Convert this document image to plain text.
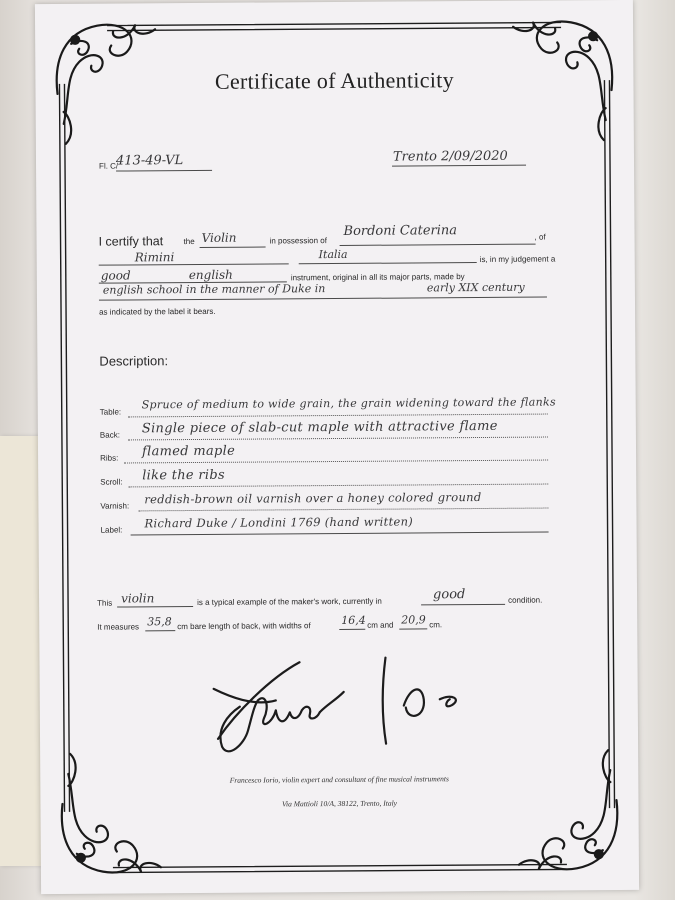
Certificate of Authenticity
Fl. C/
413-49-VL	Trento 2/09/2020
I certify that	the Violin	in possession of
Bordoni Caterina	, of
Rimini	Italia	is, in my judgement a
good	english	instrument, original in all its major parts, made by
english school in the manner of Duke in	early XIX century
as indicated by the label it bears.
Description:
Table:
Spruce of medium to wide grain, the grain widening toward the flanks
Back: Single piece of slab-cut maple with attractive flame
Ribs: flamed maple
Scroll: like the ribs
Varnish: reddish-brown oil varnish over a honey colored ground
Label: Richard Duke / Londini 1769 (hand written)
This violin	is a typical example of the maker's work, currently in	good	condition.
It measures 35,8 cm bare length of back, with widths of	16,4 cm and 20,9 cm.
Francesco Iorio, violin expert and consultant of fine musical instruments
Via Mattioli 10/A, 38122, Trento, Italy
